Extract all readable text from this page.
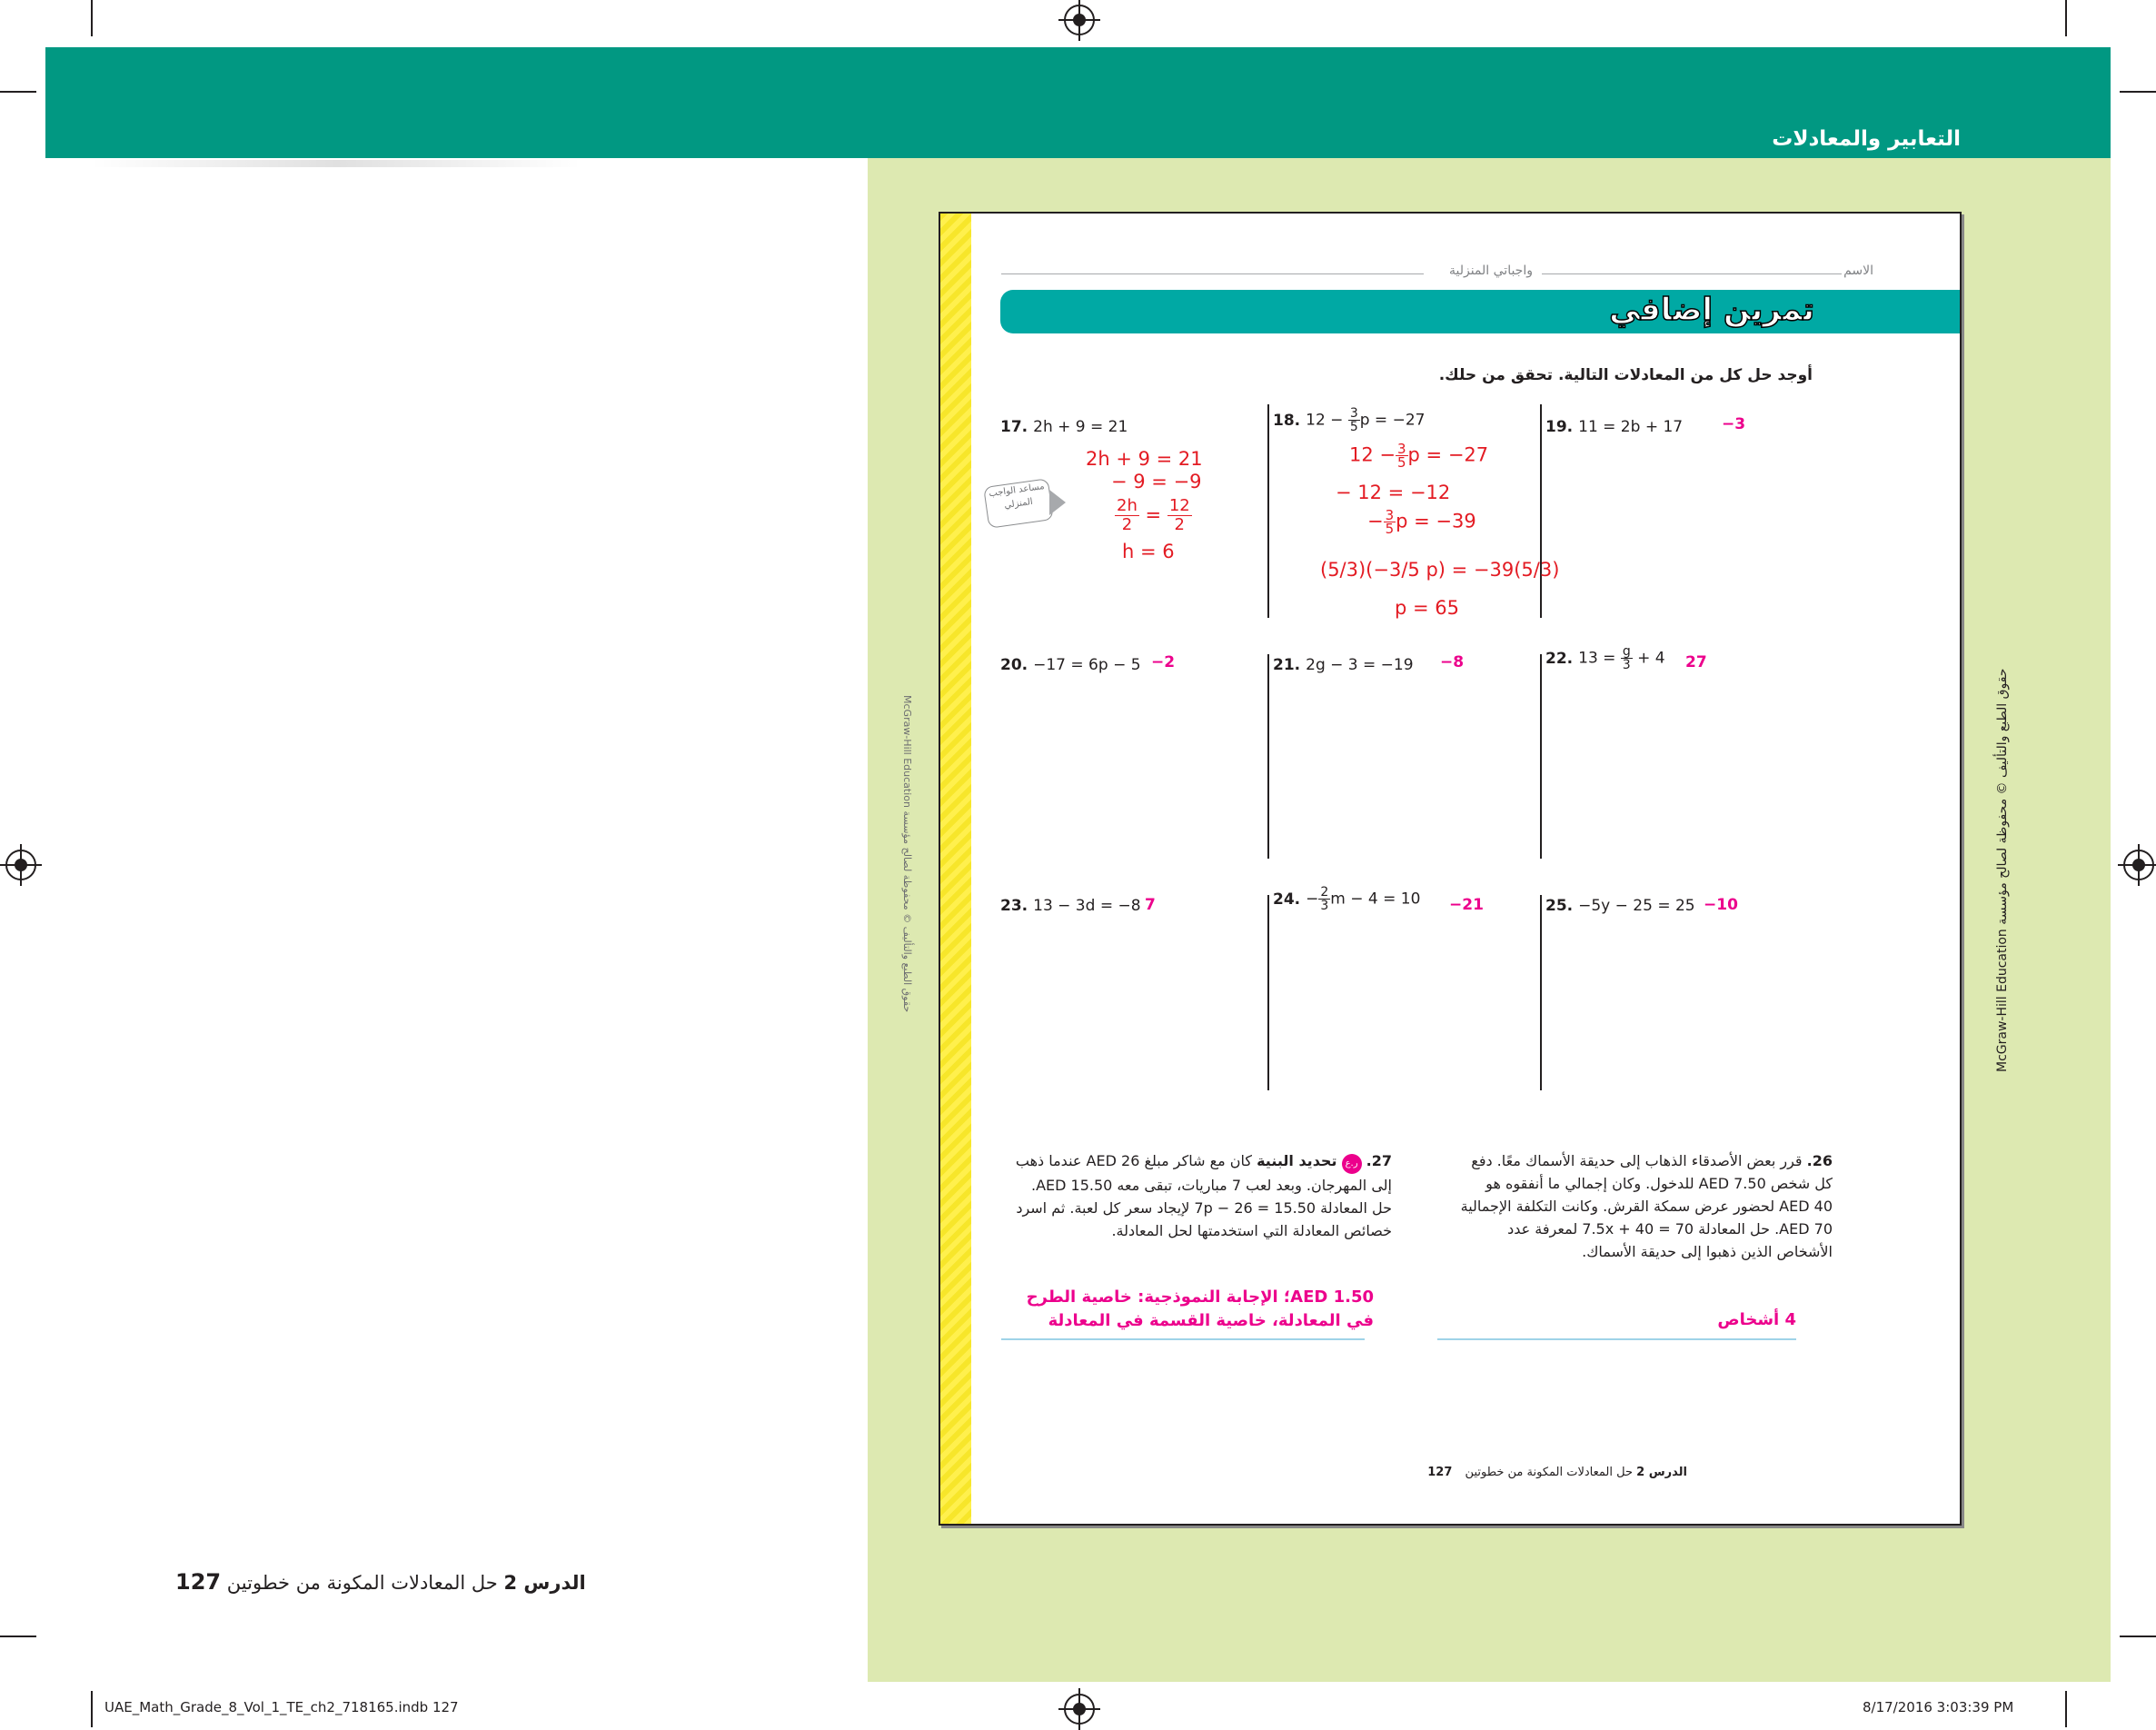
التعابير والمعادلات
الاسم
واجباتي المنزلية
تمرين إضافي
أوجد حل كل من المعادلات التالية. تحقق من حلك.
17. 2h + 9 = 21	18. $12 - \frac{3}{5}$ p = −27	19. 11 = 2b + 17	−3
2h + 9 = 21
− 9 = −9
$\frac{2h}{2} = \frac{12}{2}$
h = 6
مساعد الواجب المنزلي
$12 - \frac{3}{5}$ p = −27
− 12 = −12
− $\frac{3}{5}$ p = −39
(5/3)(−3/5 p) = −39(5/3)
p = 65
20. −17 = 6p − 5 −2	21. 2g − 3 = −19 −8	22. $13 = \frac{g}{3} + 4$ 27
23. 13 − 3d = −8 7	24. − $\frac{2}{3}$ m − 4 = 10 −21	25. −5y − 25 = 25 −10
26. قرر بعض الأصدقاء الذهاب إلى حديقة الأسماك معًا. دفع كل شخص AED 7.50 للدخول. وكان إجمالي ما أنفقوه هو AED 40 لحضور عرض سمكة القرش. وكانت التكلفة الإجمالية AED 70. حل المعادلة 7.5x + 40 = 70 لمعرفة عدد الأشخاص الذين ذهبوا إلى حديقة الأسماك.
4 أشخاص
27. ر.ع تحديد البنية كان مع شاكر مبلغ AED 26 عندما ذهب إلى المهرجان. وبعد لعب 7 مباريات، تبقى معه AED 15.50. حل المعادلة 7p − 26 = 15.50 لإيجاد سعر كل لعبة. ثم اسرد خصائص المعادلة التي استخدمتها لحل المعادلة.
AED 1.50؛ الإجابة النموذجية: خاصية الطرح في المعادلة، خاصية القسمة في المعادلة
الدرس 2 حل المعادلات المكونة من خطوتين 127
McGraw-Hill Education حقوق الطبع والتأليف © محفوظة لصالح مؤسسة	حقوق الطبع والتأليف © محفوظة لصالح مؤسسة McGraw-Hill Education
الدرس 2 حل المعادلات المكونة من خطوتين 127
UAE_Math_Grade_8_Vol_1_TE_ch2_718165.indb 127	8/17/2016 3:03:39 PM
